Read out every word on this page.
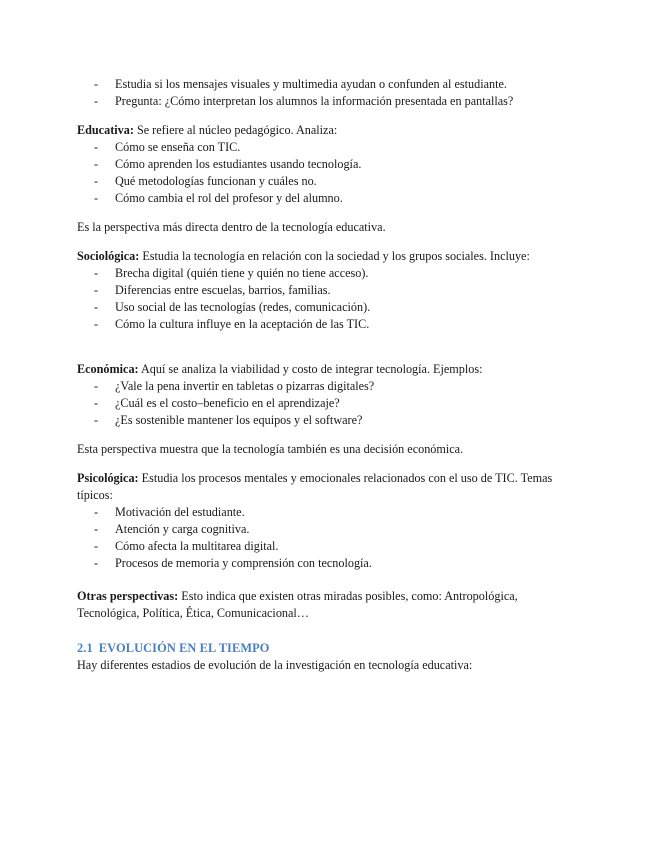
- Estudia si los mensajes visuales y multimedia ayudan o confunden al estudiante.
- Pregunta: ¿Cómo interpretan los alumnos la información presentada en pantallas?

Educativa: Se refiere al núcleo pedagógico. Analiza:

- Cómo se enseña con TIC.
- Cómo aprenden los estudiantes usando tecnología.
- Qué metodologías funcionan y cuáles no.
- Cómo cambia el rol del profesor y del alumno.

Es la perspectiva más directa dentro de la tecnología educativa.

Sociológica: Estudia la tecnología en relación con la sociedad y los grupos sociales. Incluye:

- Brecha digital (quién tiene y quién no tiene acceso).
- Diferencias entre escuelas, barrios, familias.
- Uso social de las tecnologías (redes, comunicación).
- Cómo la cultura influye en la aceptación de las TIC.

Económica: Aquí se analiza la viabilidad y costo de integrar tecnología. Ejemplos:

- ¿Vale la pena invertir en tabletas o pizarras digitales?
- ¿Cuál es el costo–beneficio en el aprendizaje?
- ¿Es sostenible mantener los equipos y el software?

Esta perspectiva muestra que la tecnología también es una decisión económica.

Psicológica: Estudia los procesos mentales y emocionales relacionados con el uso de TIC. Temas típicos:

- Motivación del estudiante.
- Atención y carga cognitiva.
- Cómo afecta la multitarea digital.
- Procesos de memoria y comprensión con tecnología.

Otras perspectivas: Esto indica que existen otras miradas posibles, como: Antropológica, Tecnológica, Política, Ética, Comunicacional…

2.1 EVOLUCIÓN EN EL TIEMPO

Hay diferentes estadios de evolución de la investigación en tecnología educativa:
